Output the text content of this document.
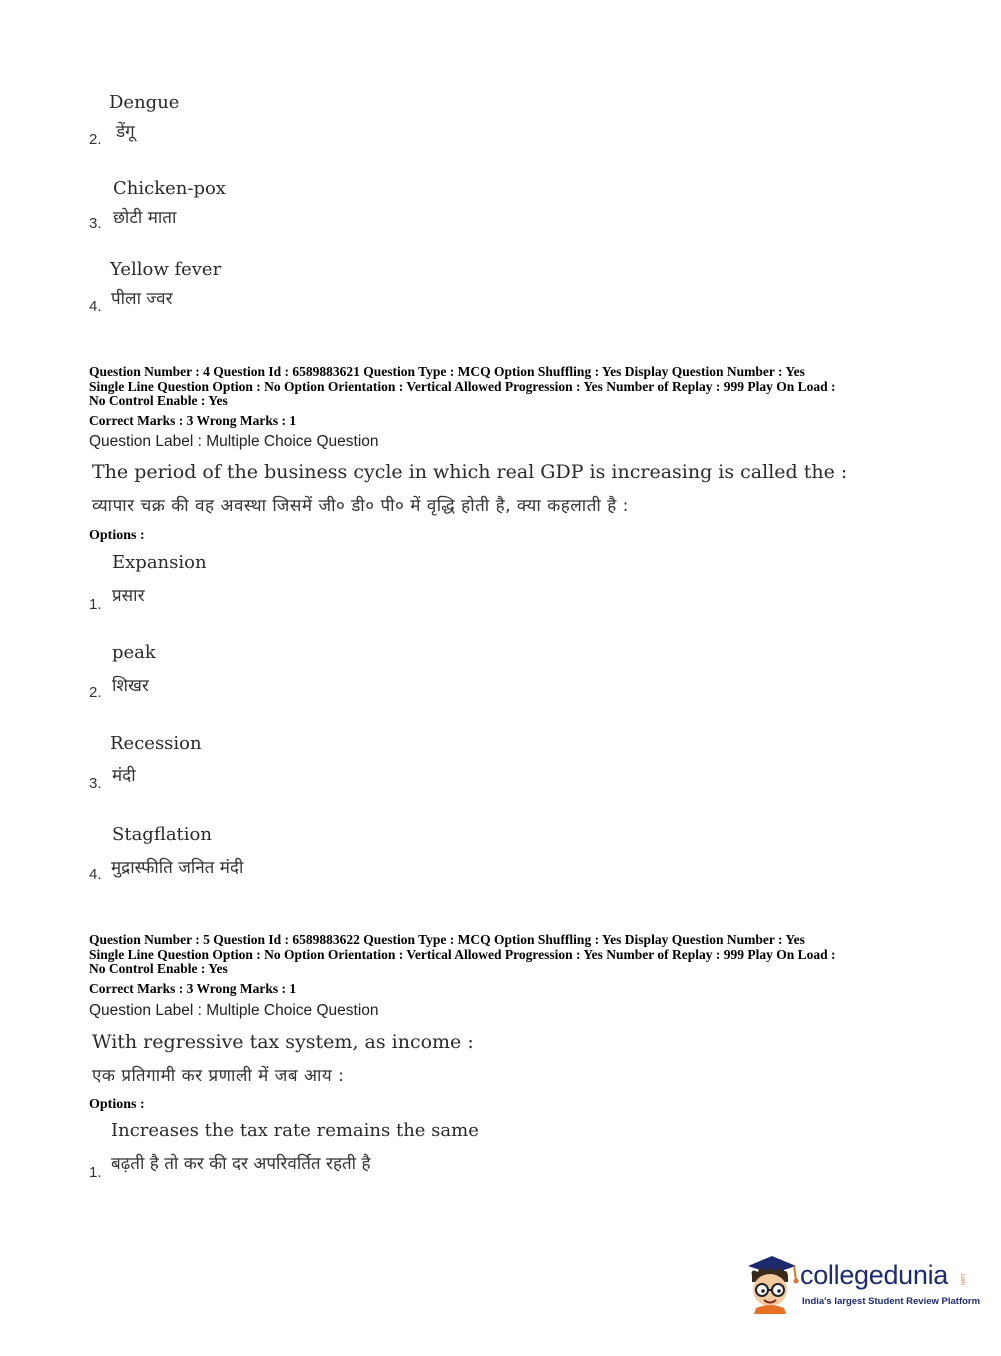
Dengue
डेंगू
2.
Chicken-pox
छोटी माता
3.
Yellow fever
पीला ज्वर
4.
Question Number : 4 Question Id : 6589883621 Question Type : MCQ Option Shuffling : Yes Display Question Number : Yes
Single Line Question Option : No Option Orientation : Vertical Allowed Progression : Yes Number of Replay : 999 Play On Load :
No Control Enable : Yes
Correct Marks : 3 Wrong Marks : 1
Question Label : Multiple Choice Question
The period of the business cycle in which real GDP is increasing is called the :
व्यापार चक्र की वह अवस्था जिसमें जी० डी० पी० में वृद्धि होती है, क्या कहलाती है :
Options :
Expansion
प्रसार
1.
peak
शिखर
2.
Recession
मंदी
3.
Stagflation
मुद्रास्फीति जनित मंदी
4.
Question Number : 5 Question Id : 6589883622 Question Type : MCQ Option Shuffling : Yes Display Question Number : Yes
Single Line Question Option : No Option Orientation : Vertical Allowed Progression : Yes Number of Replay : 999 Play On Load :
No Control Enable : Yes
Correct Marks : 3 Wrong Marks : 1
Question Label : Multiple Choice Question
With regressive tax system, as income :
एक प्रतिगामी कर प्रणाली में जब आय :
Options :
Increases the tax rate remains the same
बढ़ती है तो कर की दर अपरिवर्तित रहती है
1.
collegedunia .com
India's largest Student Review Platform
